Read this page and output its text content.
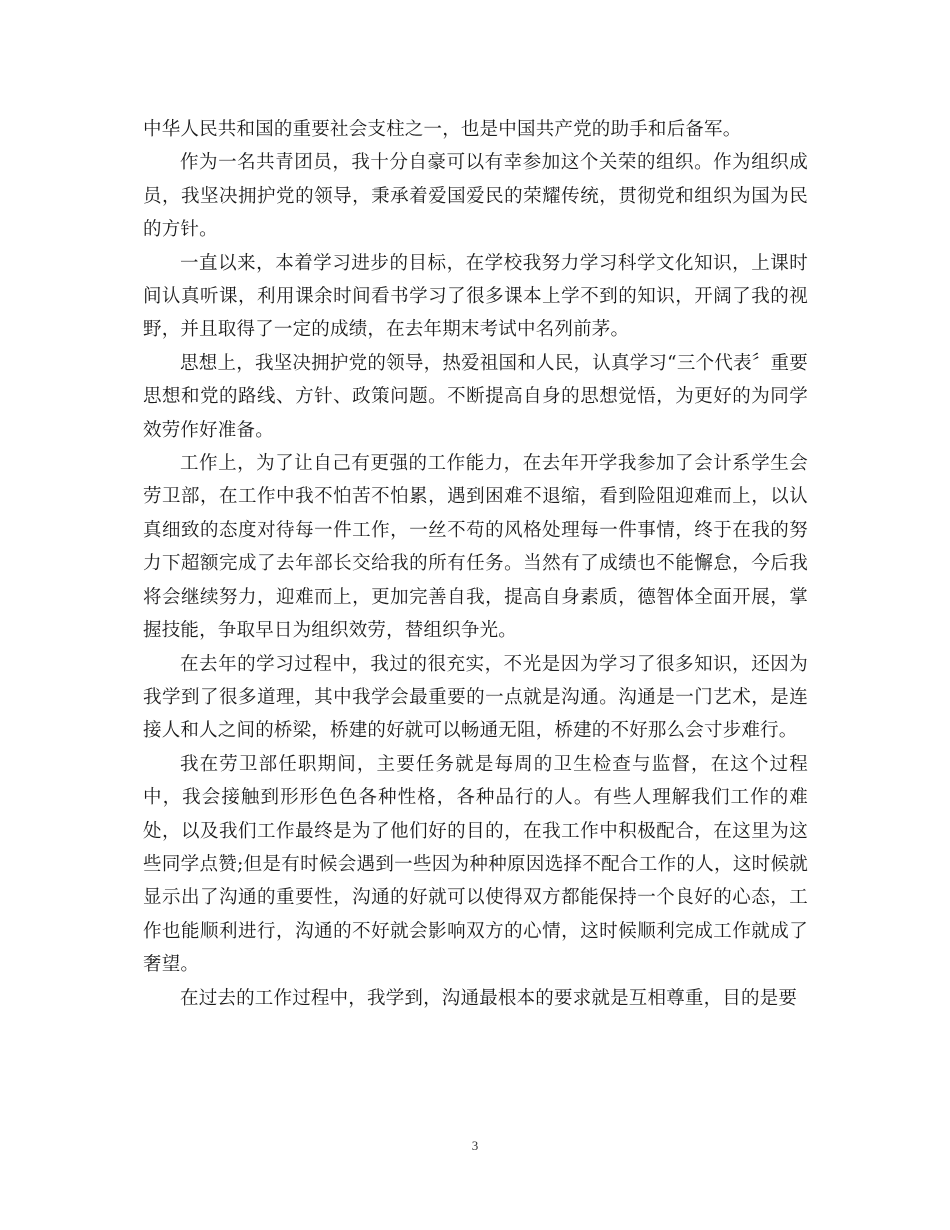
中华人民共和国的重要社会支柱之一，也是中国共产党的助手和后备军。

作为一名共青团员，我十分自豪可以有幸参加这个关荣的组织。作为组织成员，我坚决拥护党的领导，秉承着爱国爱民的荣耀传统，贯彻党和组织为国为民的方针。

一直以来，本着学习进步的目标，在学校我努力学习科学文化知识，上课时间认真听课，利用课余时间看书学习了很多课本上学不到的知识，开阔了我的视野，并且取得了一定的成绩，在去年期末考试中名列前茅。

思想上，我坚决拥护党的领导，热爱祖国和人民，认真学习“三个代表〞重要思想和党的路线、方针、政策问题。不断提高自身的思想觉悟，为更好的为同学效劳作好准备。

工作上，为了让自己有更强的工作能力，在去年开学我参加了会计系学生会劳卫部，在工作中我不怕苦不怕累，遇到困难不退缩，看到险阻迎难而上，以认真细致的态度对待每一件工作，一丝不苟的风格处理每一件事情，终于在我的努力下超额完成了去年部长交给我的所有任务。当然有了成绩也不能懈怠，今后我将会继续努力，迎难而上，更加完善自我，提高自身素质，德智体全面开展，掌握技能，争取早日为组织效劳，替组织争光。

在去年的学习过程中，我过的很充实，不光是因为学习了很多知识，还因为我学到了很多道理，其中我学会最重要的一点就是沟通。沟通是一门艺术，是连接人和人之间的桥梁，桥建的好就可以畅通无阻，桥建的不好那么会寸步难行。

我在劳卫部任职期间，主要任务就是每周的卫生检查与监督，在这个过程中，我会接触到形形色色各种性格，各种品行的人。有些人理解我们工作的难处，以及我们工作最终是为了他们好的目的，在我工作中积极配合，在这里为这些同学点赞;但是有时候会遇到一些因为种种原因选择不配合工作的人，这时候就显示出了沟通的重要性，沟通的好就可以使得双方都能保持一个良好的心态，工作也能顺利进行，沟通的不好就会影响双方的心情，这时候顺利完成工作就成了奢望。

在过去的工作过程中，我学到，沟通最根本的要求就是互相尊重，目的是要

3
